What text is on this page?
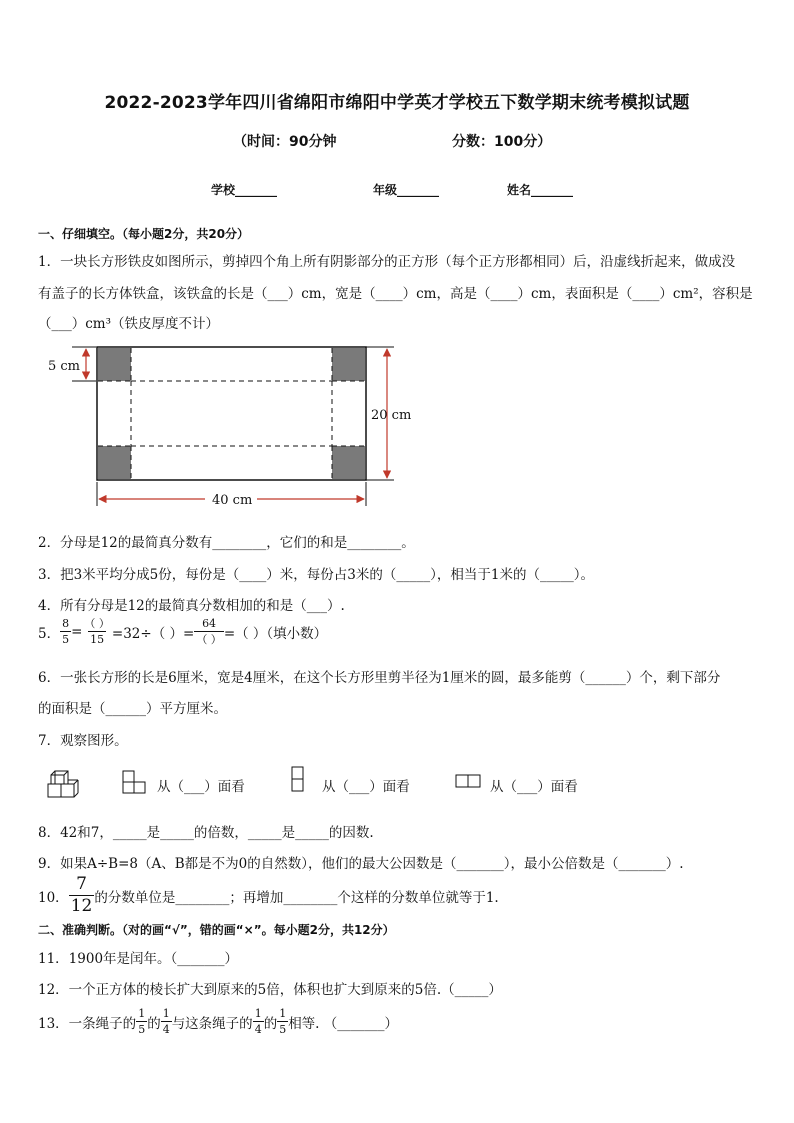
2022-2023学年四川省绵阳市绵阳中学英才学校五下数学期末统考模拟试题
（时间：90分钟	分数：100分）
学校_______	年级_______	姓名_______
一、仔细填空。（每小题2分，共20分）
1．一块长方形铁皮如图所示，剪掉四个角上所有阴影部分的正方形（每个正方形都相同）后，沿虚线折起来，做成没
有盖子的长方体铁盒，该铁盒的长是（___）cm，宽是（____）cm，高是（____）cm，表面积是（____）cm²，容积是
（___）cm³（铁皮厚度不计）
5 cm
20 cm
40 cm
2．分母是12的最简真分数有________，它们的和是________。
3．把3米平均分成5份，每份是（____）米，每份占3米的（_____），相当于1米的（_____）。
4．所有分母是12的最简真分数相加的和是（___）.
5． $\frac{8}{5} = \frac{( )}{15} =32\div$（ ）= $\frac{64}{( )}$ =（ ）（填小数）
6．一张长方形的长是6厘米，宽是4厘米，在这个长方形里剪半径为1厘米的圆，最多能剪（______）个，剩下部分
的面积是（______）平方厘米。
7．观察图形。
从（___）面看	从（___）面看	从（___）面看
8．42和7，_____是_____的倍数，_____是_____的因数.
9．如果A÷B=8（A、B都是不为0的自然数），他们的最大公因数是（_______），最小公倍数是（_______）.
10． $\frac{7}{12}$ 的分数单位是________；再增加________个这样的分数单位就等于1.
二、准确判断。（对的画“√”，错的画“×”。每小题2分，共12分）
11．1900年是闰年。（_______）
12．一个正方体的棱长扩大到原来的5倍，体积也扩大到原来的5倍.（_____）
13．一条绳子的 $\frac{1}{5}$ 的 $\frac{1}{4}$ 与这条绳子的 $\frac{1}{4}$ 的 $\frac{1}{5}$ 相等. （_______）
